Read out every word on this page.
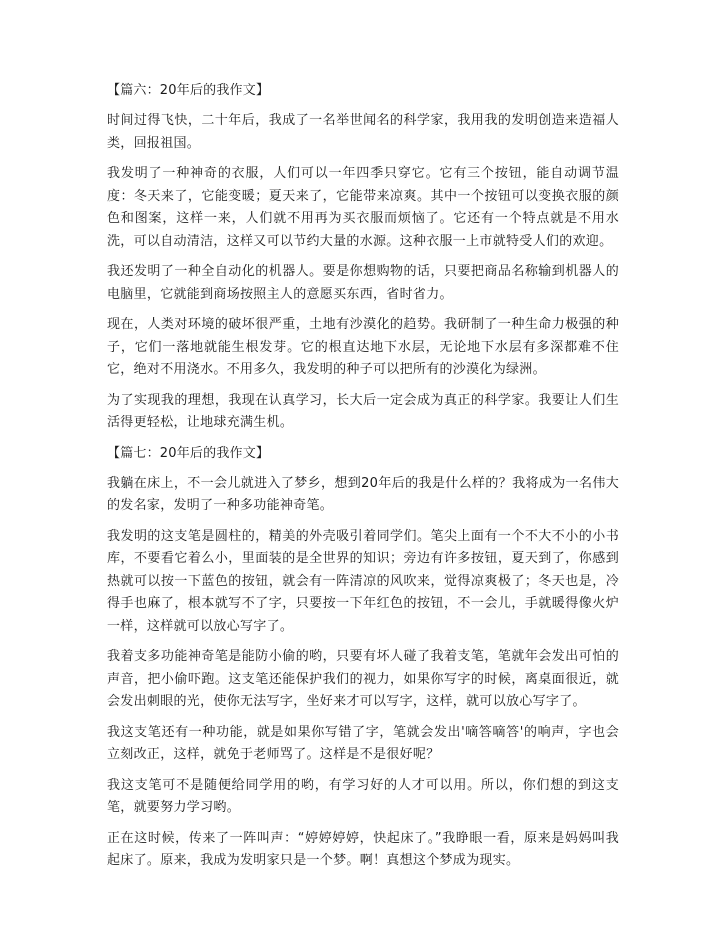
【篇六：20年后的我作文】

时间过得飞快，二十年后，我成了一名举世闻名的科学家，我用我的发明创造来造福人类，回报祖国。

我发明了一种神奇的衣服，人们可以一年四季只穿它。它有三个按钮，能自动调节温度：冬天来了，它能变暖；夏天来了，它能带来凉爽。其中一个按钮可以变换衣服的颜色和图案，这样一来，人们就不用再为买衣服而烦恼了。它还有一个特点就是不用水洗，可以自动清洁，这样又可以节约大量的水源。这种衣服一上市就特受人们的欢迎。

我还发明了一种全自动化的机器人。要是你想购物的话，只要把商品名称输到机器人的电脑里，它就能到商场按照主人的意愿买东西，省时省力。

现在，人类对环境的破坏很严重，土地有沙漠化的趋势。我研制了一种生命力极强的种子，它们一落地就能生根发芽。它的根直达地下水层，无论地下水层有多深都难不住它，绝对不用浇水。不用多久，我发明的种子可以把所有的沙漠化为绿洲。

为了实现我的理想，我现在认真学习，长大后一定会成为真正的科学家。我要让人们生活得更轻松，让地球充满生机。

【篇七：20年后的我作文】

我躺在床上，不一会儿就进入了梦乡，想到20年后的我是什么样的？我将成为一名伟大的发名家，发明了一种多功能神奇笔。

我发明的这支笔是圆柱的，精美的外壳吸引着同学们。笔尖上面有一个不大不小的小书库，不要看它着么小，里面装的是全世界的知识；旁边有许多按钮，夏天到了，你感到热就可以按一下蓝色的按钮，就会有一阵清凉的风吹来，觉得凉爽极了；冬天也是，冷得手也麻了，根本就写不了字，只要按一下年红色的按钮，不一会儿，手就暖得像火炉一样，这样就可以放心写字了。

我着支多功能神奇笔是能防小偷的哟，只要有坏人碰了我着支笔，笔就年会发出可怕的声音，把小偷吓跑。这支笔还能保护我们的视力，如果你写字的时候，离桌面很近，就会发出刺眼的光，使你无法写字，坐好来才可以写字，这样，就可以放心写字了。

我这支笔还有一种功能，就是如果你写错了字，笔就会发出'嘀答嘀答'的响声，字也会立刻改正，这样，就免于老师骂了。这样是不是很好呢？

我这支笔可不是随便给同学用的哟，有学习好的人才可以用。所以，你们想的到这支笔，就要努力学习哟。

正在这时候，传来了一阵叫声：“婷婷婷婷，快起床了。”我睁眼一看，原来是妈妈叫我起床了。原来，我成为发明家只是一个梦。啊！真想这个梦成为现实。
